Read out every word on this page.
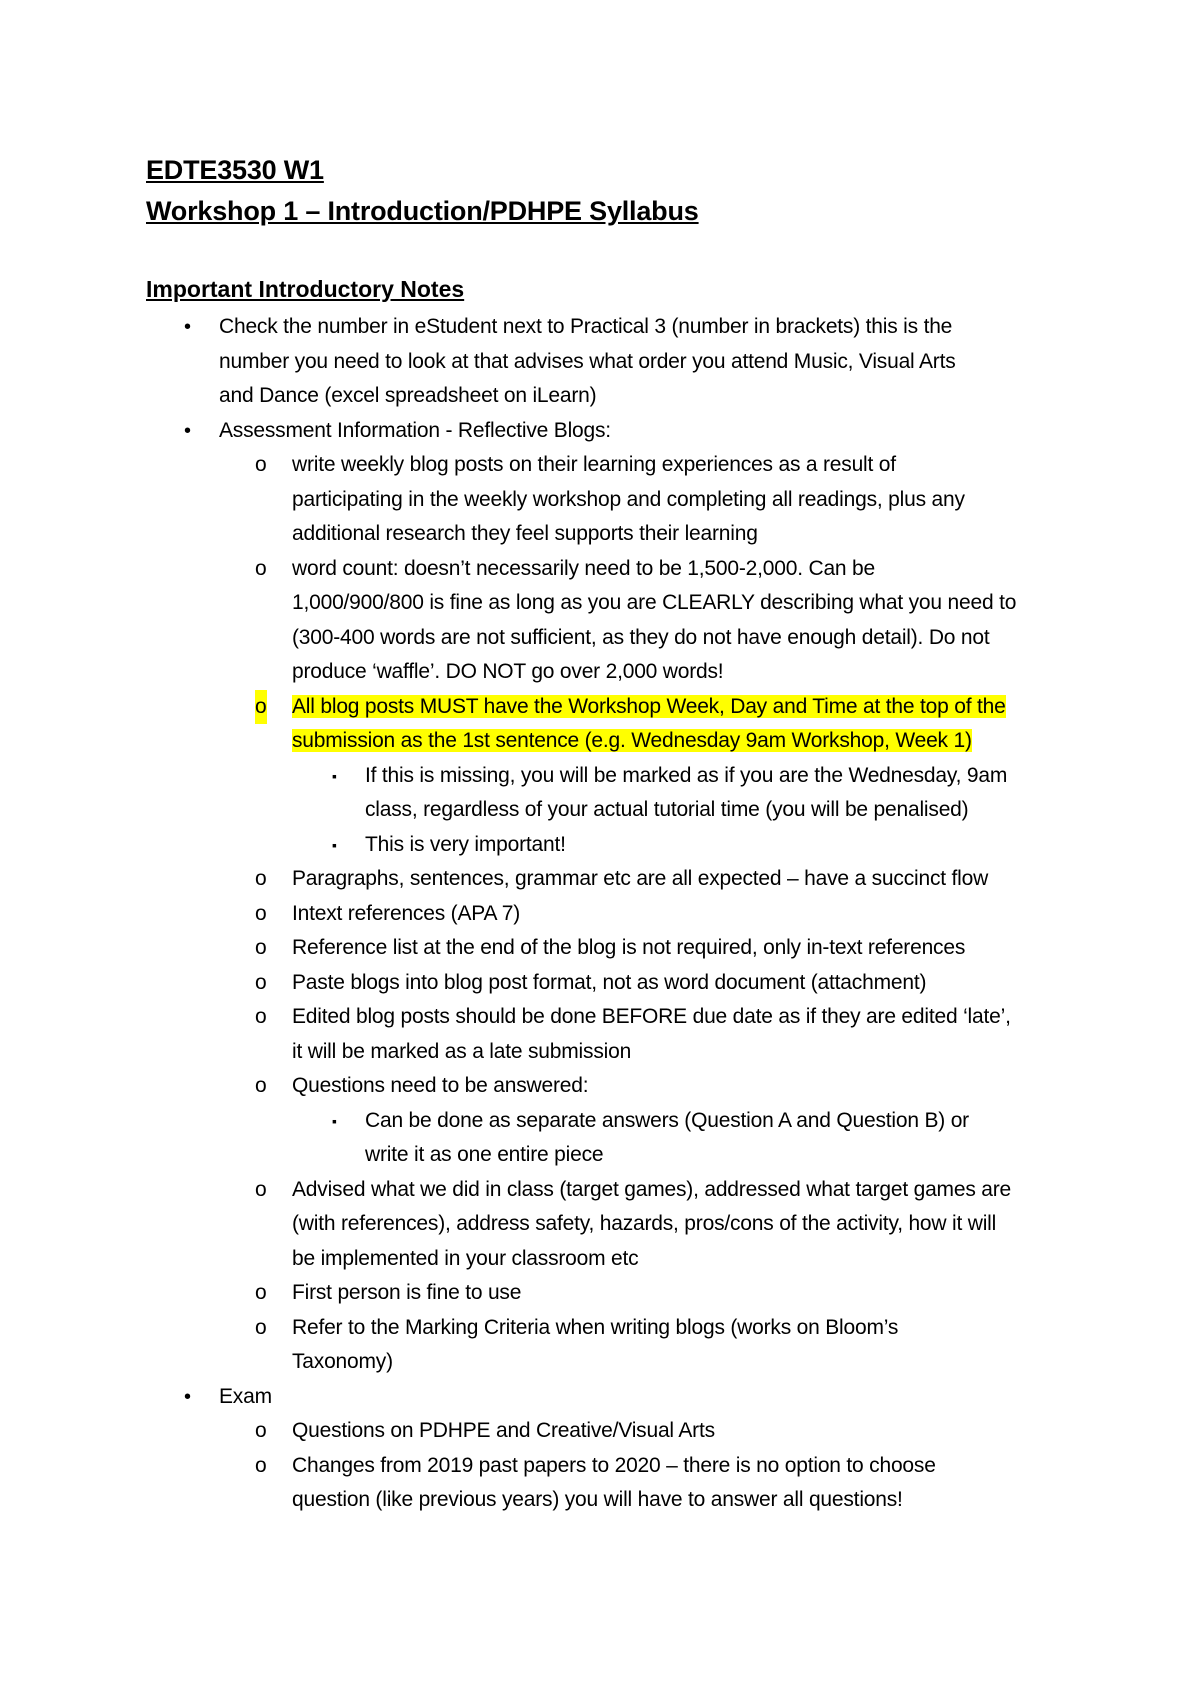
EDTE3530 W1
Workshop 1 – Introduction/PDHPE Syllabus
Important Introductory Notes
• Check the number in eStudent next to Practical 3 (number in brackets) this is the
number you need to look at that advises what order you attend Music, Visual Arts
and Dance (excel spreadsheet on iLearn)
• Assessment Information - Reflective Blogs:
o write weekly blog posts on their learning experiences as a result of
participating in the weekly workshop and completing all readings, plus any
additional research they feel supports their learning
o word count: doesn’t necessarily need to be 1,500-2,000. Can be
1,000/900/800 is fine as long as you are CLEARLY describing what you need to
(300-400 words are not sufficient, as they do not have enough detail). Do not
produce ‘waffle’. DO NOT go over 2,000 words!
o All blog posts MUST have the Workshop Week, Day and Time at the top of the
submission as the 1st sentence (e.g. Wednesday 9am Workshop, Week 1)
▪ If this is missing, you will be marked as if you are the Wednesday, 9am
class, regardless of your actual tutorial time (you will be penalised)
▪ This is very important!
o Paragraphs, sentences, grammar etc are all expected – have a succinct flow
o Intext references (APA 7)
o Reference list at the end of the blog is not required, only in-text references
o Paste blogs into blog post format, not as word document (attachment)
o Edited blog posts should be done BEFORE due date as if they are edited ‘late’,
it will be marked as a late submission
o Questions need to be answered:
▪ Can be done as separate answers (Question A and Question B) or
write it as one entire piece
o Advised what we did in class (target games), addressed what target games are
(with references), address safety, hazards, pros/cons of the activity, how it will
be implemented in your classroom etc
o First person is fine to use
o Refer to the Marking Criteria when writing blogs (works on Bloom’s
Taxonomy)
• Exam
o Questions on PDHPE and Creative/Visual Arts
o Changes from 2019 past papers to 2020 – there is no option to choose
question (like previous years) you will have to answer all questions!
